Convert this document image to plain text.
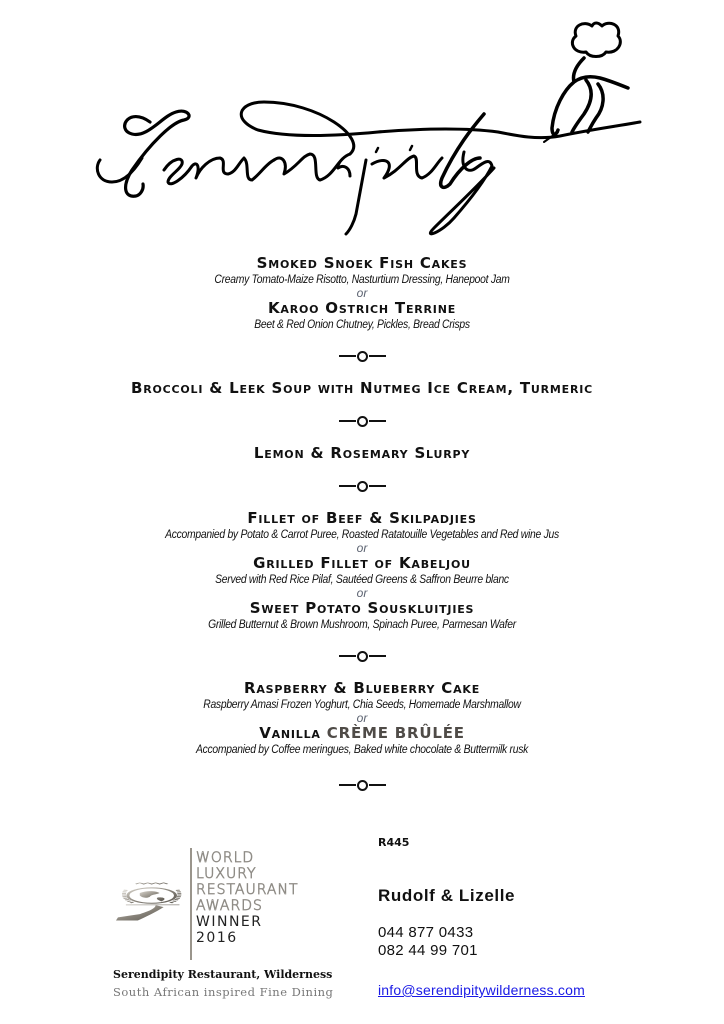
Smoked Snoek Fish Cakes
Creamy Tomato-Maize Risotto, Nasturtium Dressing, Hanepoot Jam
or
Karoo Ostrich Terrine
Beet & Red Onion Chutney, Pickles, Bread Crisps
Broccoli & Leek Soup with Nutmeg Ice Cream, Turmeric
Lemon & Rosemary Slurpy
Fillet of Beef & Skilpadjies
Accompanied by Potato & Carrot Puree, Roasted Ratatouille Vegetables and Red wine Jus
or
Grilled Fillet of Kabeljou
Served with Red Rice Pilaf, Sautéed Greens & Saffron Beurre blanc
or
Sweet Potato Souskluitjies
Grilled Butternut & Brown Mushroom, Spinach Puree, Parmesan Wafer
Raspberry & Blueberry Cake
Raspberry Amasi Frozen Yoghurt, Chia Seeds, Homemade Marshmallow
or
Vanilla CRÈME BRÛLÉE
Accompanied by Coffee meringues, Baked white chocolate & Buttermilk rusk
R445
WORLD
LUXURY
RESTAURANT
AWARDS
WINNER
2016
Serendipity Restaurant, Wilderness
South African inspired Fine Dining
Rudolf & Lizelle
044 877 0433
082 44 99 701
info@serendipitywilderness.com
